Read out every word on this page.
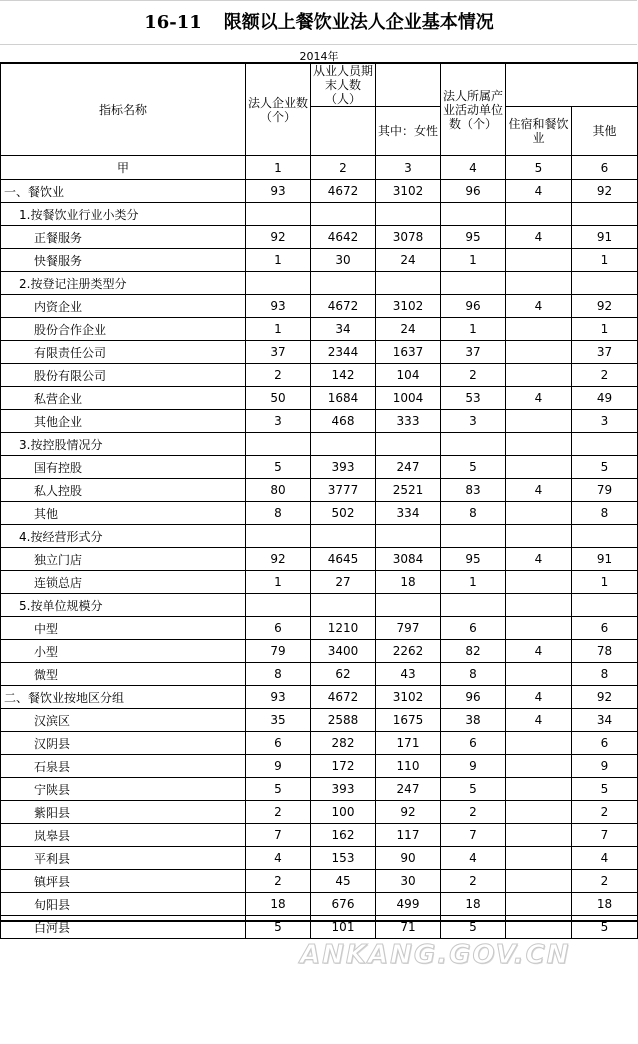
16-11 限额以上餐饮业法人企业基本情况
2014年
指标名称	法人企业数（个）	从业人员期末人数（人）		法人所属产业活动单位数（个）		
			其中：女性		住宿和餐饮业	其他
甲	1	2	3	4	5	6
一、餐饮业	93	4672	3102	96	4	92
1.按餐饮业行业小类分						
正餐服务	92	4642	3078	95	4	91
快餐服务	1	30	24	1		1
2.按登记注册类型分						
内资企业	93	4672	3102	96	4	92
股份合作企业	1	34	24	1		1
有限责任公司	37	2344	1637	37		37
股份有限公司	2	142	104	2		2
私营企业	50	1684	1004	53	4	49
其他企业	3	468	333	3		3
3.按控股情况分						
国有控股	5	393	247	5		5
私人控股	80	3777	2521	83	4	79
其他	8	502	334	8		8
4.按经营形式分						
独立门店	92	4645	3084	95	4	91
连锁总店	1	27	18	1		1
5.按单位规模分						
中型	6	1210	797	6		6
小型	79	3400	2262	82	4	78
微型	8	62	43	8		8
二、餐饮业按地区分组	93	4672	3102	96	4	92
汉滨区	35	2588	1675	38	4	34
汉阴县	6	282	171	6		6
石泉县	9	172	110	9		9
宁陕县	5	393	247	5		5
紫阳县	2	100	92	2		2
岚皋县	7	162	117	7		7
平利县	4	153	90	4		4
镇坪县	2	45	30	2		2
旬阳县	18	676	499	18		18
白河县	5	101	71	5		5
ANKANG.GOV.CN
